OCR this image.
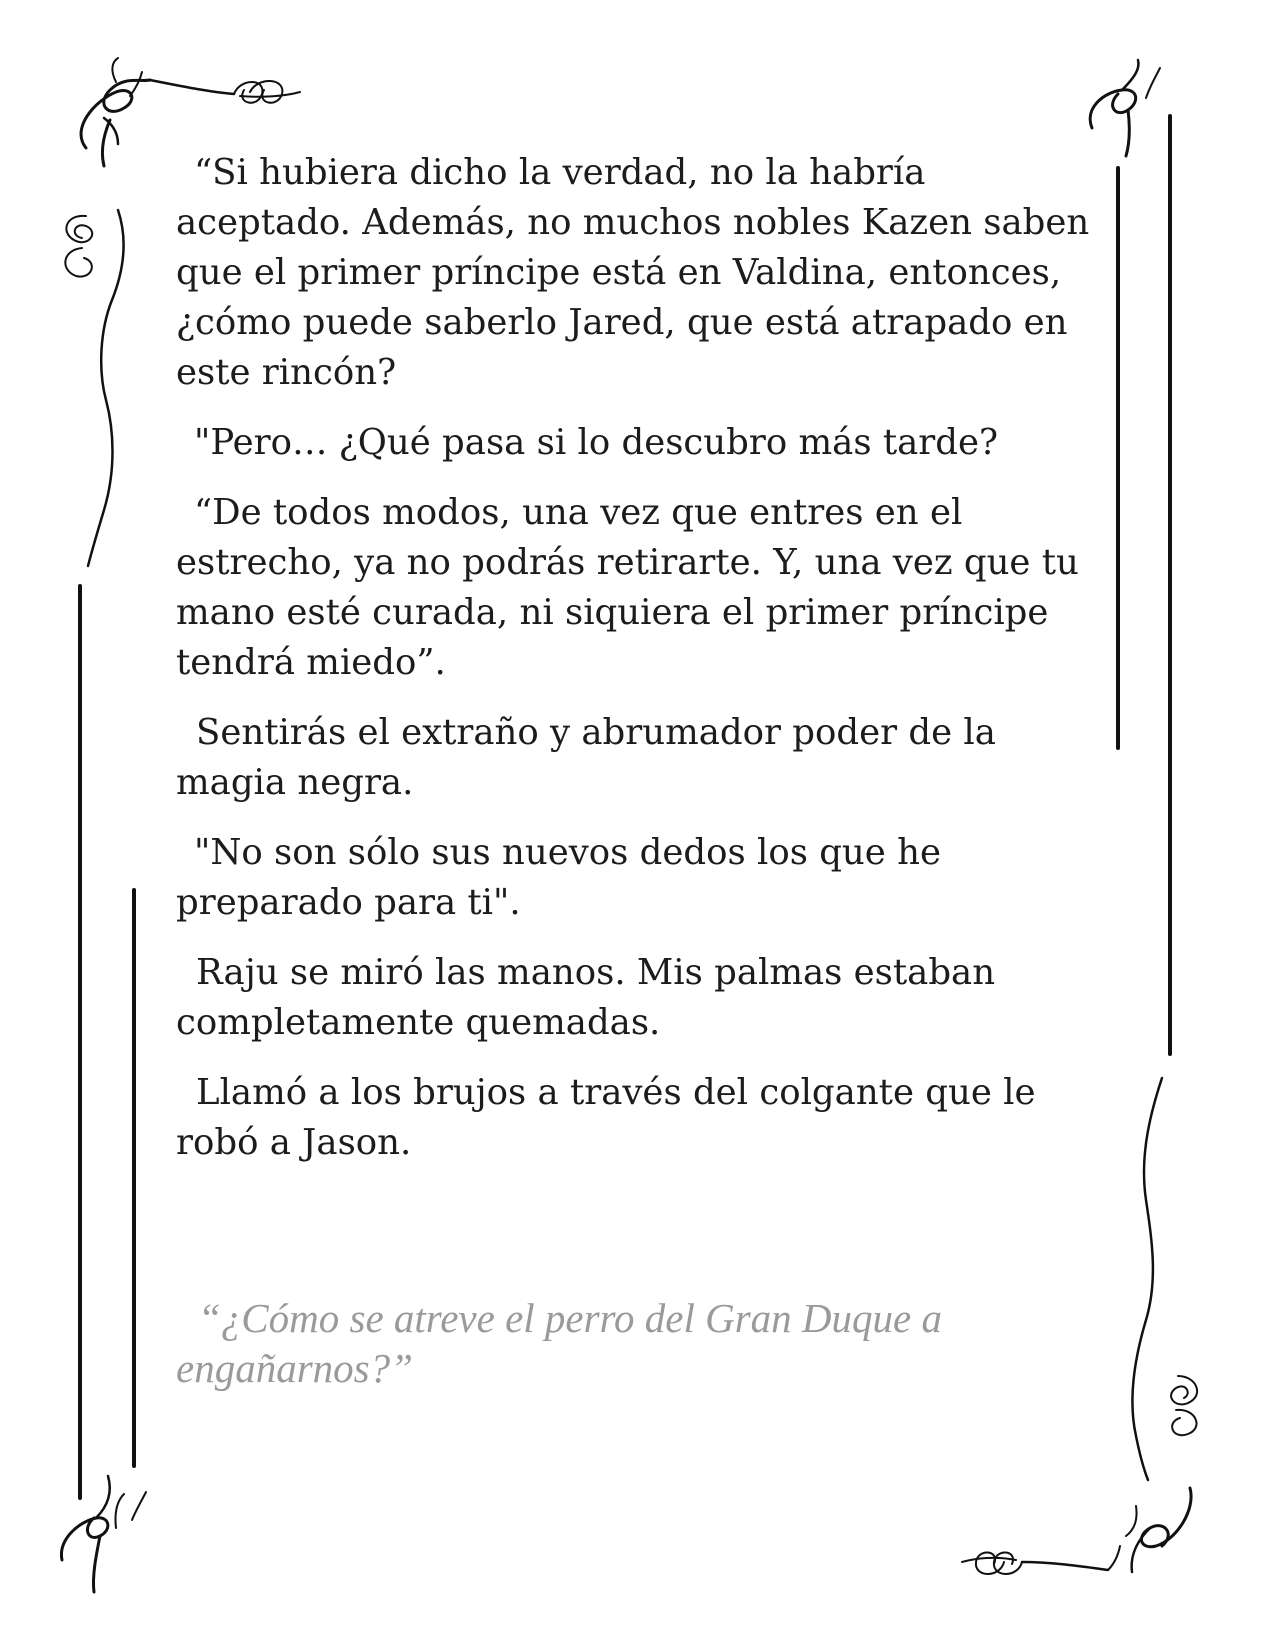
“Si hubiera dicho la verdad, no la habría aceptado. Además, no muchos nobles Kazen saben que el primer príncipe está en Valdina, entonces, ¿cómo puede saberlo Jared, que está atrapado en este rincón?

"Pero… ¿Qué pasa si lo descubro más tarde?

“De todos modos, una vez que entres en el estrecho, ya no podrás retirarte. Y, una vez que tu mano esté curada, ni siquiera el primer príncipe tendrá miedo”.

Sentirás el extraño y abrumador poder de la magia negra.

"No son sólo sus nuevos dedos los que he preparado para ti".

Raju se miró las manos. Mis palmas estaban completamente quemadas.

Llamó a los brujos a través del colgante que le robó a Jason.

“¿Cómo se atreve el perro del Gran Duque a engañarnos?”
